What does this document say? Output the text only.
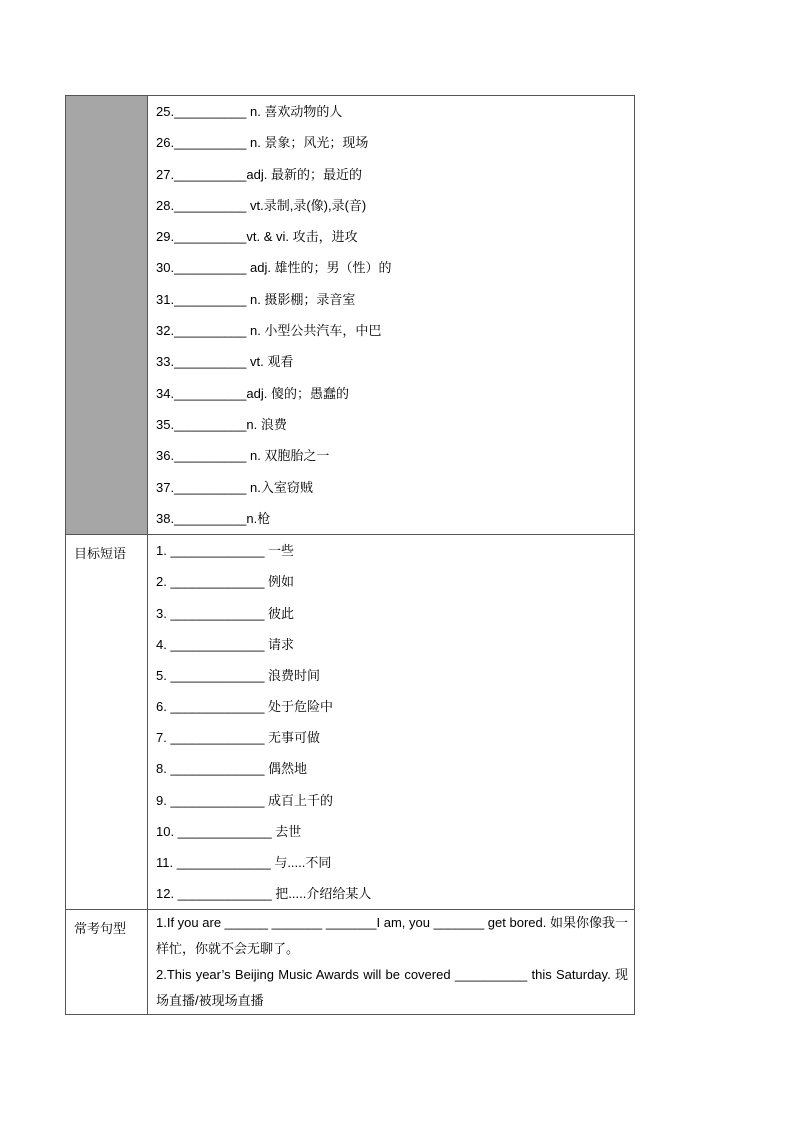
25.__________ n. 喜欢动物的人
26.__________ n. 景象；风光；现场
27.__________adj. 最新的；最近的
28.__________ vt.录制,录(像),录(音)
29.__________vt. & vi. 攻击，进攻
30.__________ adj. 雄性的；男（性）的
31.__________ n. 摄影棚；录音室
32.__________ n. 小型公共汽车，中巴
33.__________ vt. 观看
34.__________adj. 傻的；愚蠢的
35.__________n. 浪费
36.__________ n. 双胞胎之一
37.__________ n.入室窃贼
38.__________n.枪
目标短语	1. _____________ 一些
2. _____________ 例如
3. _____________ 彼此
4. _____________ 请求
5. _____________ 浪费时间
6. _____________ 处于危险中
7. _____________ 无事可做
8. _____________ 偶然地
9. _____________ 成百上千的
10. _____________ 去世
11. _____________ 与.....不同
12. _____________ 把.....介绍给某人
常考句型	1.If you are ______ _______ _______I am, you _______ get bored. 如果你像我一样忙，你就不会无聊了。
2.This year’s Beijing Music Awards will be covered __________ this Saturday. 现场直播/被现场直播
